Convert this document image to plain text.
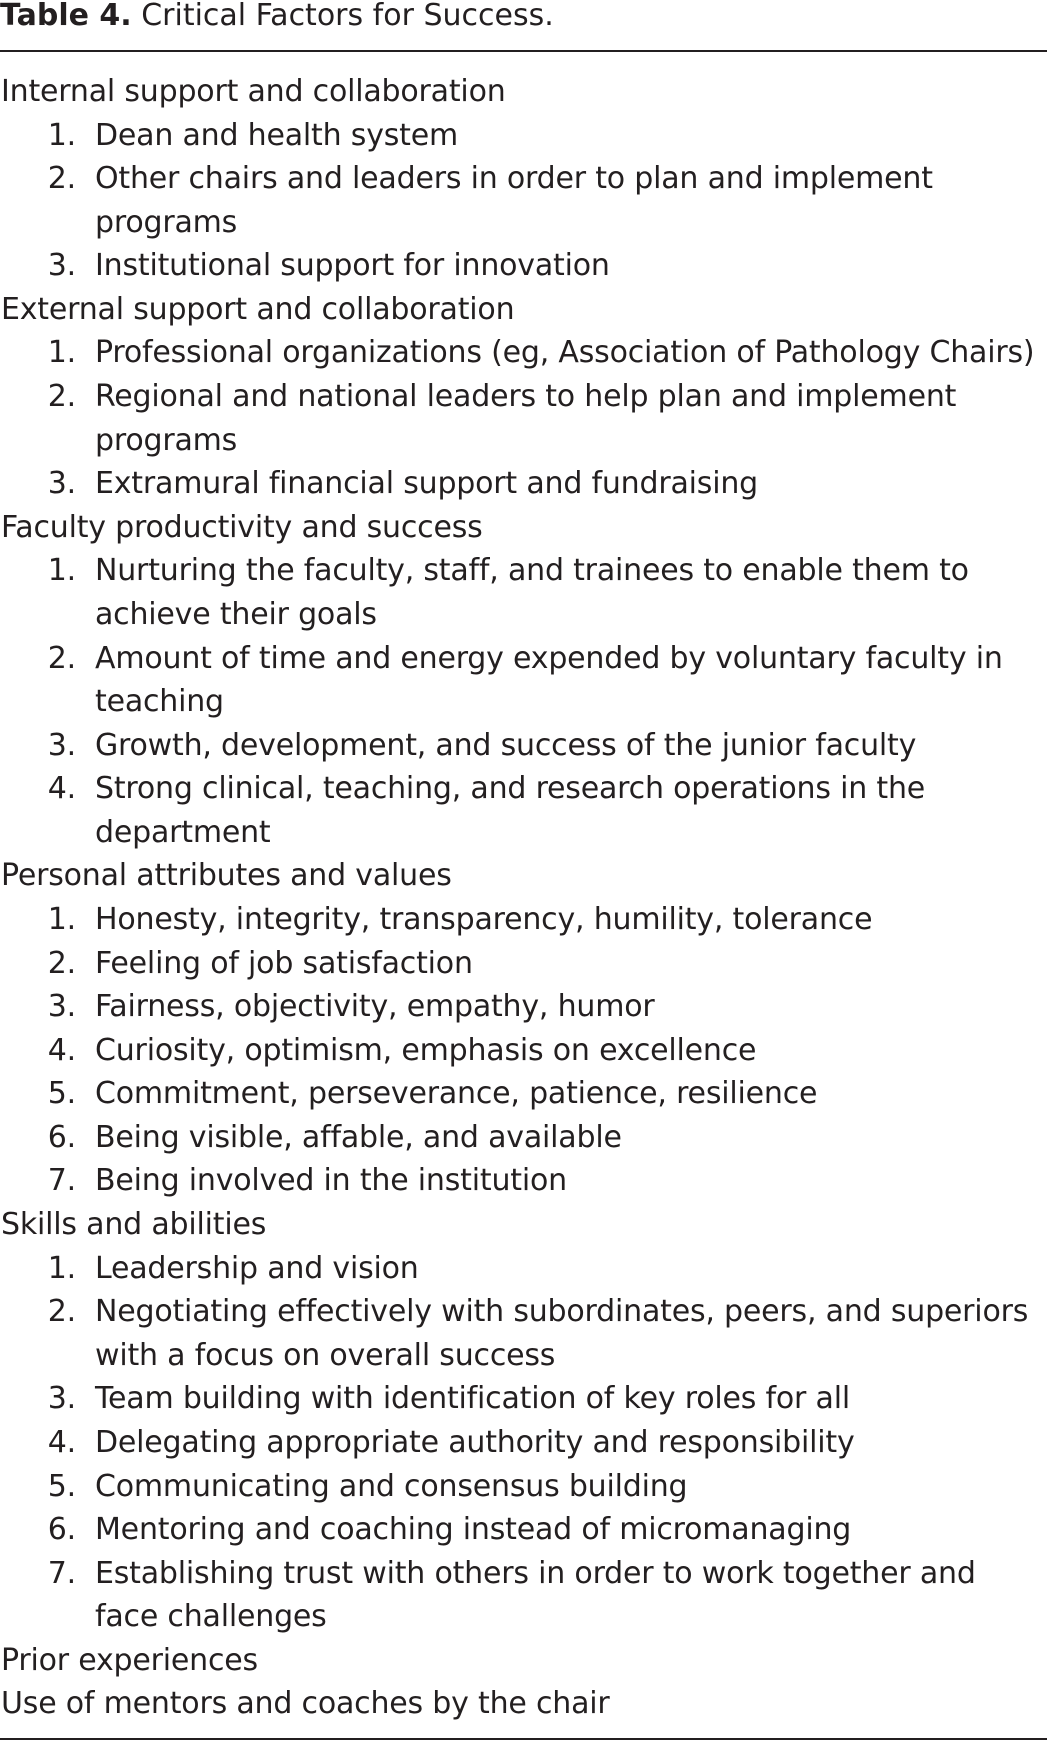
Table 4. Critical Factors for Success.
Internal support and collaboration
1. Dean and health system
2. Other chairs and leaders in order to plan and implement
programs
3. Institutional support for innovation
External support and collaboration
1. Professional organizations (eg, Association of Pathology Chairs)
2. Regional and national leaders to help plan and implement
programs
3. Extramural financial support and fundraising
Faculty productivity and success
1. Nurturing the faculty, staff, and trainees to enable them to
achieve their goals
2. Amount of time and energy expended by voluntary faculty in
teaching
3. Growth, development, and success of the junior faculty
4. Strong clinical, teaching, and research operations in the
department
Personal attributes and values
1. Honesty, integrity, transparency, humility, tolerance
2. Feeling of job satisfaction
3. Fairness, objectivity, empathy, humor
4. Curiosity, optimism, emphasis on excellence
5. Commitment, perseverance, patience, resilience
6. Being visible, affable, and available
7. Being involved in the institution
Skills and abilities
1. Leadership and vision
2. Negotiating effectively with subordinates, peers, and superiors
with a focus on overall success
3. Team building with identification of key roles for all
4. Delegating appropriate authority and responsibility
5. Communicating and consensus building
6. Mentoring and coaching instead of micromanaging
7. Establishing trust with others in order to work together and
face challenges
Prior experiences
Use of mentors and coaches by the chair
